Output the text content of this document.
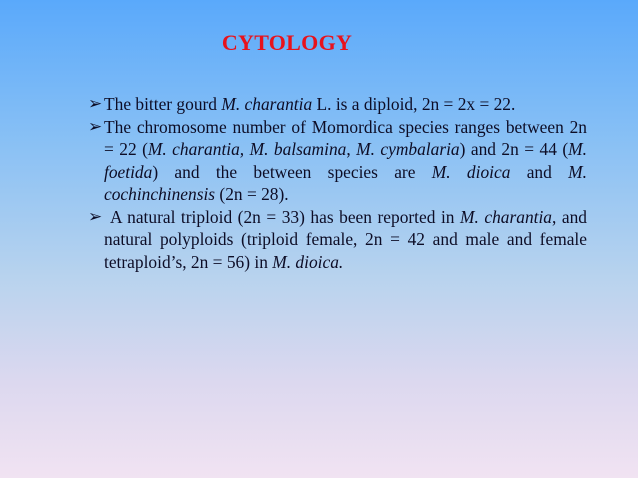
CYTOLOGY
➢ The bitter gourd M. charantia L. is a diploid, 2n = 2x = 22.
➢ The chromosome number of Momordica species ranges between 2n = 22 (M. charantia, M. balsamina, M. cymbalaria) and 2n = 44 (M. foetida) and the between species are M. dioica and M. cochinchinensis (2n = 28).
➢ A natural triploid (2n = 33) has been reported in M. charantia, and natural polyploids (triploid female, 2n = 42 and male and female tetraploid’s, 2n = 56) in M. dioica.
